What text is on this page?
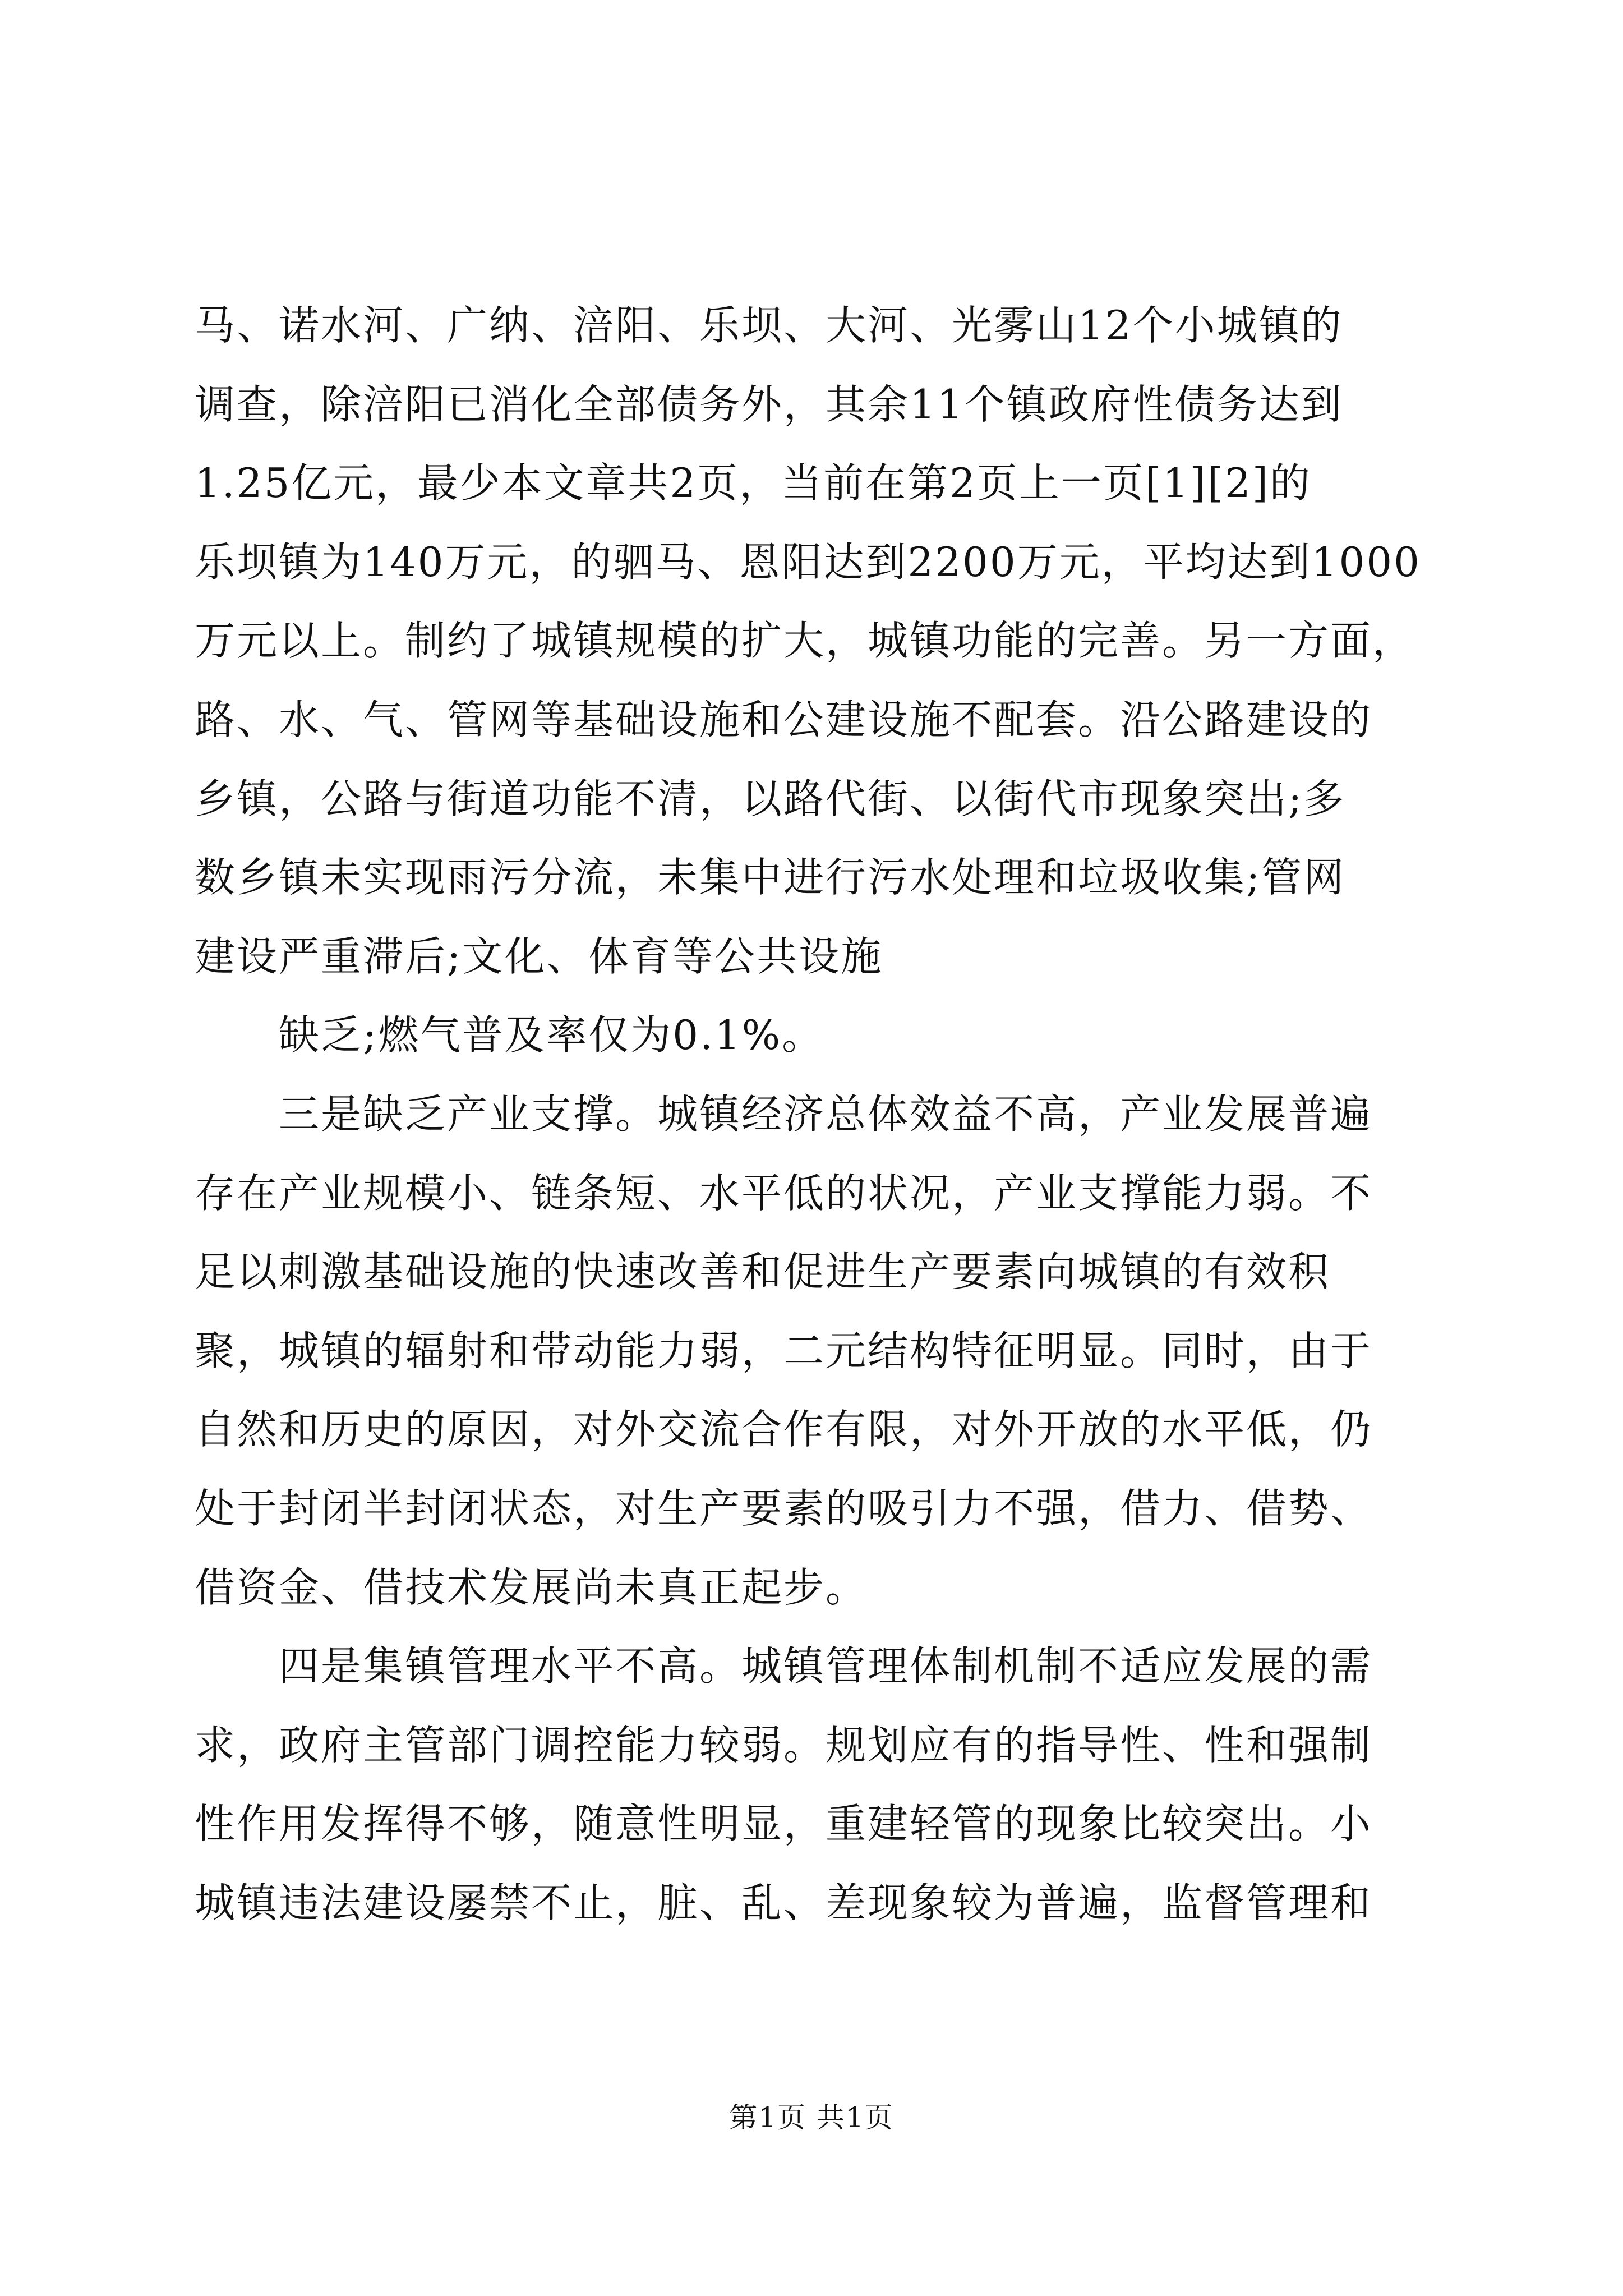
马、诺水河、广纳、涪阳、乐坝、大河、光雾山12个小城镇的
调查，除涪阳已消化全部债务外，其余11个镇政府性债务达到
1.25亿元，最少本文章共2页，当前在第2页上一页[1][2]的
乐坝镇为140万元，的驷马、恩阳达到2200万元，平均达到1000
万元以上。制约了城镇规模的扩大，城镇功能的完善。另一方面，
路、水、气、管网等基础设施和公建设施不配套。沿公路建设的
乡镇，公路与街道功能不清，以路代街、以街代市现象突出;多
数乡镇未实现雨污分流，未集中进行污水处理和垃圾收集;管网
建设严重滞后;文化、体育等公共设施
缺乏;燃气普及率仅为0.1%。
三是缺乏产业支撑。城镇经济总体效益不高，产业发展普遍
存在产业规模小、链条短、水平低的状况，产业支撑能力弱。不
足以刺激基础设施的快速改善和促进生产要素向城镇的有效积
聚，城镇的辐射和带动能力弱，二元结构特征明显。同时，由于
自然和历史的原因，对外交流合作有限，对外开放的水平低，仍
处于封闭半封闭状态，对生产要素的吸引力不强，借力、借势、
借资金、借技术发展尚未真正起步。
四是集镇管理水平不高。城镇管理体制机制不适应发展的需
求，政府主管部门调控能力较弱。规划应有的指导性、性和强制
性作用发挥得不够，随意性明显，重建轻管的现象比较突出。小
城镇违法建设屡禁不止，脏、乱、差现象较为普遍，监督管理和
第1页 共1页
